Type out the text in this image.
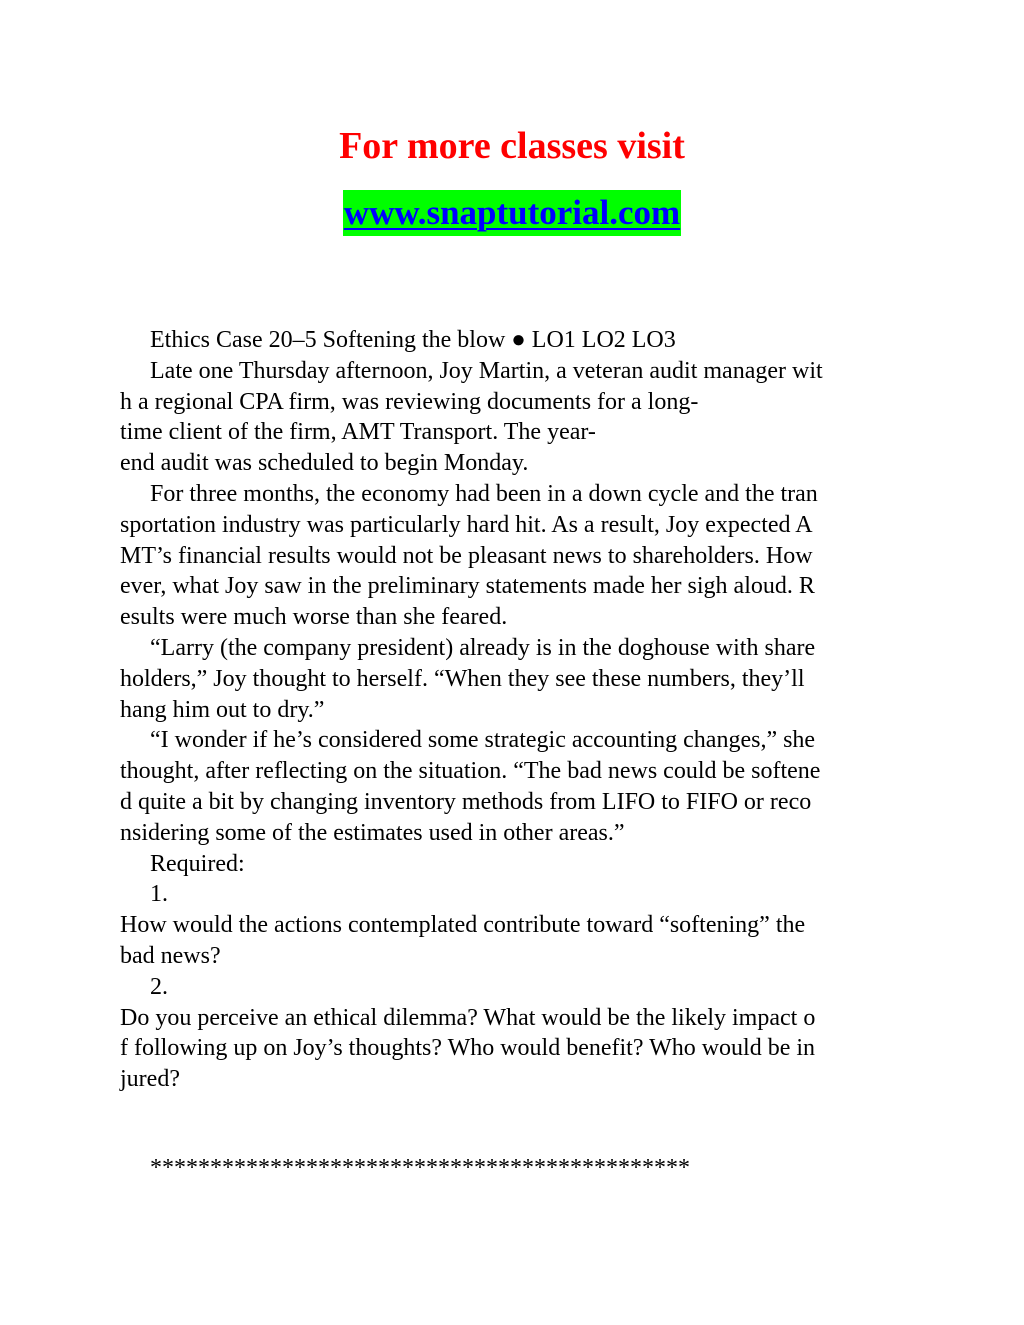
For more classes visit
www.snaptutorial.com

Ethics Case 20–5 Softening the blow ● LO1 LO2 LO3

Late one Thursday afternoon, Joy Martin, a veteran audit manager wit

h a regional CPA firm, was reviewing documents for a long-

time client of the firm, AMT Transport. The year-

end audit was scheduled to begin Monday.

For three months, the economy had been in a down cycle and the tran

sportation industry was particularly hard hit. As a result, Joy expected A

MT’s financial results would not be pleasant news to shareholders. How

ever, what Joy saw in the preliminary statements made her sigh aloud. R

esults were much worse than she feared.

“Larry (the company president) already is in the doghouse with share

holders,” Joy thought to herself. “When they see these numbers, they’ll

hang him out to dry.”

“I wonder if he’s considered some strategic accounting changes,” she

thought, after reflecting on the situation. “The bad news could be softene

d quite a bit by changing inventory methods from LIFO to FIFO or reco

nsidering some of the estimates used in other areas.”

Required:

1.

How would the actions contemplated contribute toward “softening” the

bad news?

2.

Do you perceive an ethical dilemma? What would be the likely impact o

f following up on Joy’s thoughts? Who would benefit? Who would be in

jured?

*********************************************
